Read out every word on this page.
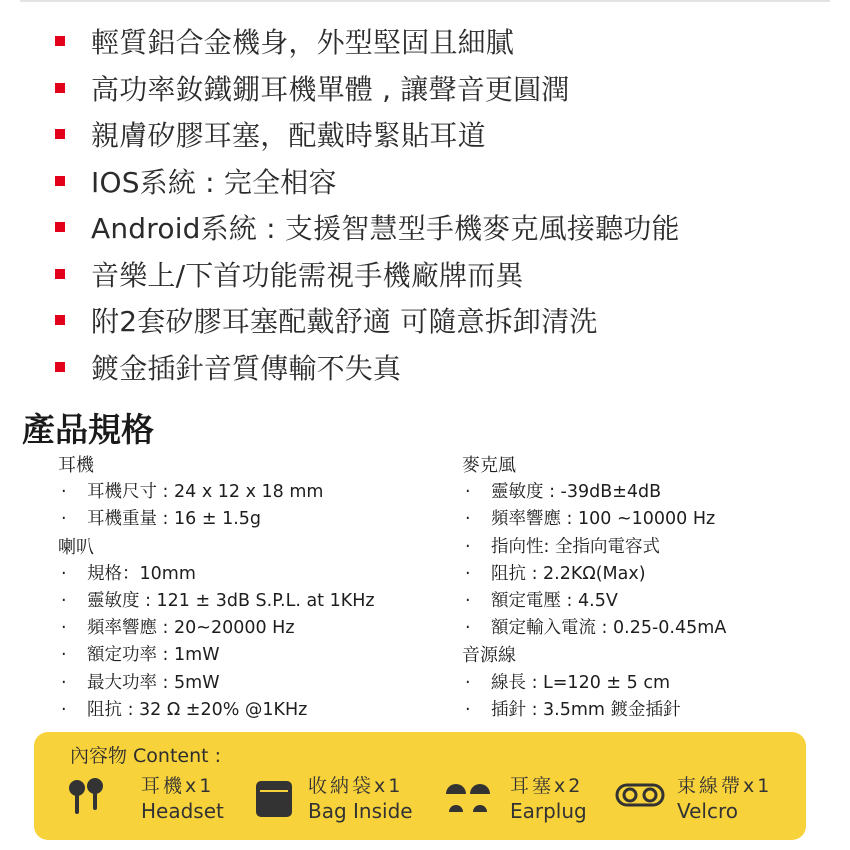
輕質鋁合金機身，外型堅固且細膩
高功率釹鐵錋耳機單體 , 讓聲音更圓潤
親膚矽膠耳塞，配戴時緊貼耳道
IOS系統 : 完全相容
Android系統 : 支援智慧型手機麥克風接聽功能
音樂上/下首功能需視手機廠牌而異
附2套矽膠耳塞配戴舒適 可隨意拆卸清洗
鍍金插針音質傳輸不失真
產品規格
耳機
· 耳機尺寸 : 24 x 12 x 18 mm
· 耳機重量 : 16 ± 1.5g
喇叭
· 規格：10mm
· 靈敏度 : 121 ± 3dB S.P.L. at 1KHz
· 頻率響應 : 20~20000 Hz
· 額定功率 : 1mW
· 最大功率 : 5mW
· 阻抗 : 32 Ω ±20% @1KHz
麥克風
· 靈敏度 : -39dB±4dB
· 頻率響應 : 100 ~10000 Hz
· 指向性: 全指向電容式
· 阻抗 : 2.2KΩ(Max)
· 額定電壓 : 4.5V
· 額定輸入電流 : 0.25-0.45mA
音源線
· 線長 : L=120 ± 5 cm
· 插針 : 3.5mm 鍍金插針
內容物 Content :
耳機x1
Headset
收納袋x1
Bag Inside
耳塞x2
Earplug
束線帶x1
Velcro
